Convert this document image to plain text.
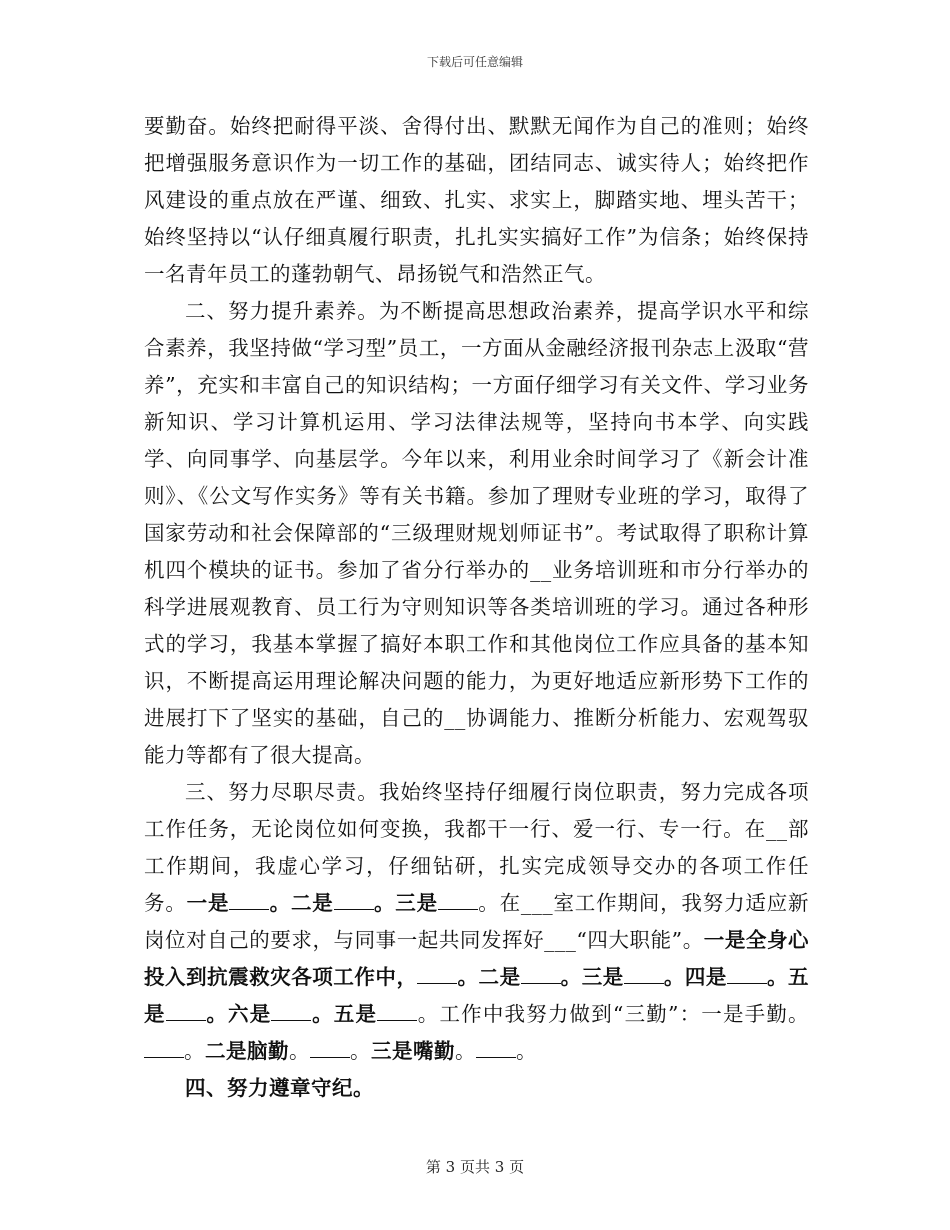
下载后可任意编辑

要勤奋。始终把耐得平淡、舍得付出、默默无闻作为自己的准则；始终把增强服务意识作为一切工作的基础，团结同志、诚实待人；始终把作风建设的重点放在严谨、细致、扎实、求实上，脚踏实地、埋头苦干；始终坚持以“认仔细真履行职责，扎扎实实搞好工作”为信条；始终保持一名青年员工的蓬勃朝气、昂扬锐气和浩然正气。

二、努力提升素养。为不断提高思想政治素养，提高学识水平和综合素养，我坚持做“学习型”员工，一方面从金融经济报刊杂志上汲取“营养”，充实和丰富自己的知识结构；一方面仔细学习有关文件、学习业务新知识、学习计算机运用、学习法律法规等，坚持向书本学、向实践学、向同事学、向基层学。今年以来，利用业余时间学习了《新会计准则》、《公文写作实务》等有关书籍。参加了理财专业班的学习，取得了国家劳动和社会保障部的“三级理财规划师证书”。考试取得了职称计算机四个模块的证书。参加了省分行举办的__业务培训班和市分行举办的科学进展观教育、员工行为守则知识等各类培训班的学习。通过各种形式的学习，我基本掌握了搞好本职工作和其他岗位工作应具备的基本知识，不断提高运用理论解决问题的能力，为更好地适应新形势下工作的进展打下了坚实的基础，自己的__协调能力、推断分析能力、宏观驾驭能力等都有了很大提高。

三、努力尽职尽责。我始终坚持仔细履行岗位职责，努力完成各项工作任务，无论岗位如何变换，我都干一行、爱一行、专一行。在__部工作期间，我虚心学习，仔细钻研，扎实完成领导交办的各项工作任务。一是 。二是 。三是 。在___室工作期间，我努力适应新岗位对自己的要求，与同事一起共同发挥好___“四大职能”。一是全身心投入到抗震救灾各项工作中， 。二是 。三是 。四是 。五是 。六是 。五是 。工作中我努力做到“三勤”：一是手勤。。二是脑勤。 。三是嘴勤。 。

四、努力遵章守纪。

第 3 页共 3 页
